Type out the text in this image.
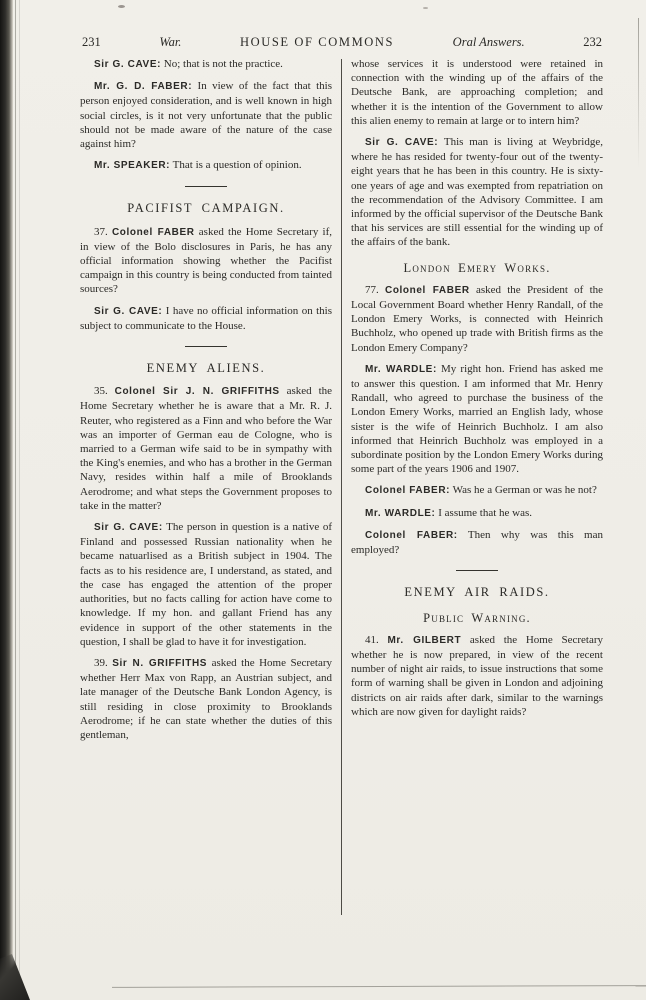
231	War.	HOUSE OF COMMONS	Oral Answers.	232

Sir G. CAVE: No; that is not the practice.

Mr. G. D. FABER: In view of the fact that this person enjoyed consideration, and is well known in high social circles, is it not very unfortunate that the public should not be made aware of the nature of the case against him?

Mr. SPEAKER: That is a question of opinion.

PACIFIST CAMPAIGN.

37. Colonel FABER asked the Home Secretary if, in view of the Bolo disclosures in Paris, he has any official information showing whether the Pacifist campaign in this country is being conducted from tainted sources?

Sir G. CAVE: I have no official information on this subject to communicate to the House.

ENEMY ALIENS.

35. Colonel Sir J. N. GRIFFITHS asked the Home Secretary whether he is aware that a Mr. R. J. Reuter, who registered as a Finn and who before the War was an importer of German eau de Cologne, who is married to a German wife said to be in sympathy with the King's enemies, and who has a brother in the German Navy, resides within half a mile of Brooklands Aerodrome; and what steps the Government proposes to take in the matter?

Sir G. CAVE: The person in question is a native of Finland and possessed Russian nationality when he became natuarlised as a British subject in 1904. The facts as to his residence are, I understand, as stated, and the case has engaged the attention of the proper authorities, but no facts calling for action have come to knowledge. If my hon. and gallant Friend has any evidence in support of the other statements in the question, I shall be glad to have it for investigation.

39. Sir N. GRIFFITHS asked the Home Secretary whether Herr Max von Rapp, an Austrian subject, and late manager of the Deutsche Bank London Agency, is still residing in close proximity to Brooklands Aerodrome; if he can state whether the duties of this gentleman,

whose services it is understood were retained in connection with the winding up of the affairs of the Deutsche Bank, are approaching completion; and whether it is the intention of the Government to allow this alien enemy to remain at large or to intern him?

Sir G. CAVE: This man is living at Weybridge, where he has resided for twenty-four out of the twenty-eight years that he has been in this country. He is sixty-one years of age and was exempted from repatriation on the recommendation of the Advisory Committee. I am informed by the official supervisor of the Deutsche Bank that his services are still essential for the winding up of the affairs of the bank.

London Emery Works.

77. Colonel FABER asked the President of the Local Government Board whether Henry Randall, of the London Emery Works, is connected with Heinrich Buchholz, who opened up trade with British firms as the London Emery Company?

Mr. WARDLE: My right hon. Friend has asked me to answer this question. I am informed that Mr. Henry Randall, who agreed to purchase the business of the London Emery Works, married an English lady, whose sister is the wife of Heinrich Buchholz. I am also informed that Heinrich Buchholz was employed in a subordinate position by the London Emery Works during some part of the years 1906 and 1907.

Colonel FABER: Was he a German or was he not?

Mr. WARDLE: I assume that he was.

Colonel FABER: Then why was this man employed?

ENEMY AIR RAIDS.
Public Warning.

41. Mr. GILBERT asked the Home Secretary whether he is now prepared, in view of the recent number of night air raids, to issue instructions that some form of warning shall be given in London and adjoining districts on air raids after dark, similar to the warnings which are now given for daylight raids?
